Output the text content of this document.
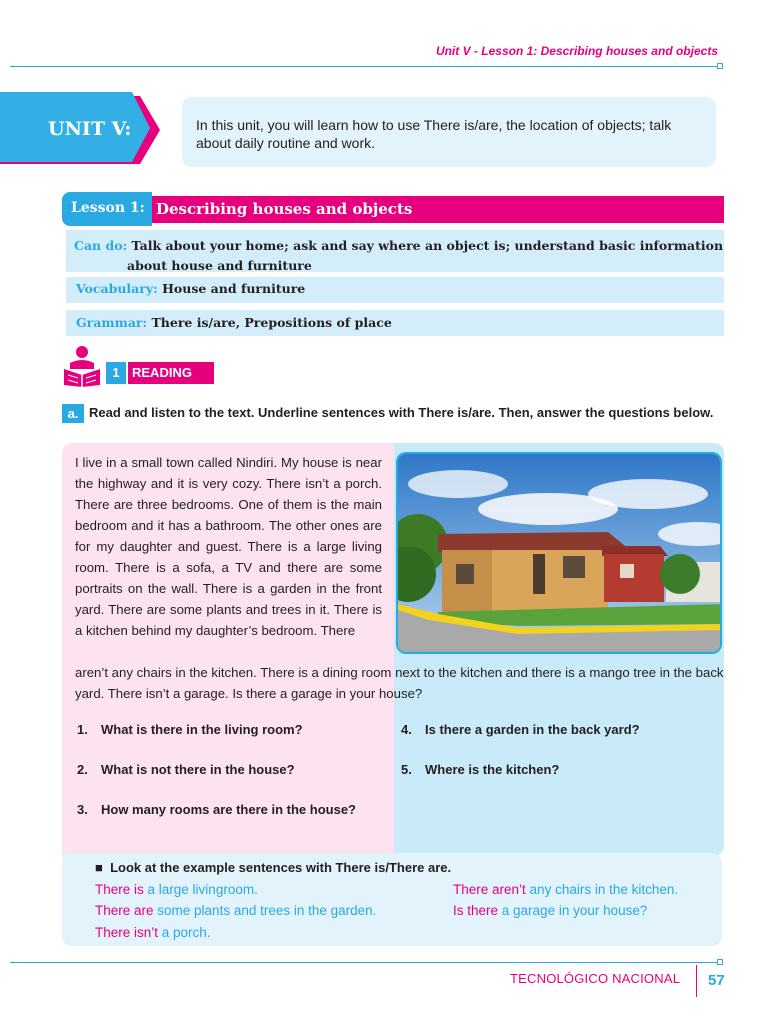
Unit V - Lesson 1: Describing houses and objects
UNIT V:	In this unit, you will learn how to use There is/are, the location of objects; talk about daily routine and work.
Lesson 1: Describing houses and objects
Can do: Talk about your home; ask and say where an object is; understand basic information
about house and furniture
Vocabulary: House and furniture
Grammar: There is/are, Prepositions of place
1 READING
a. Read and listen to the text. Underline sentences with There is/are. Then, answer the questions below.
I live in a small town called Nindiri. My house is near the highway and it is very cozy. There isn’t a porch. There are three bedrooms. One of them is the main bedroom and it has a bathroom. The other ones are for my daughter and guest. There is a large living room. There is a sofa, a TV and there are some portraits on the wall. There is a garden in the front yard. There are some plants and trees in it. There is a kitchen behind my daughter’s bedroom. There
aren’t any chairs in the kitchen. There is a dining room next to the kitchen and there is a mango tree in the back yard. There isn’t a garage. Is there a garage in your house?
1. What is there in the living room?
2. What is not there in the house?
3. How many rooms are there in the house?
4. Is there a garden in the back yard?
5. Where is the kitchen?
■ Look at the example sentences with There is/There are.
There is a large livingroom.
There are some plants and trees in the garden.
There isn’t a porch.
There aren’t any chairs in the kitchen.
Is there a garage in your house?
TECNOLÓGICO NACIONAL 57
